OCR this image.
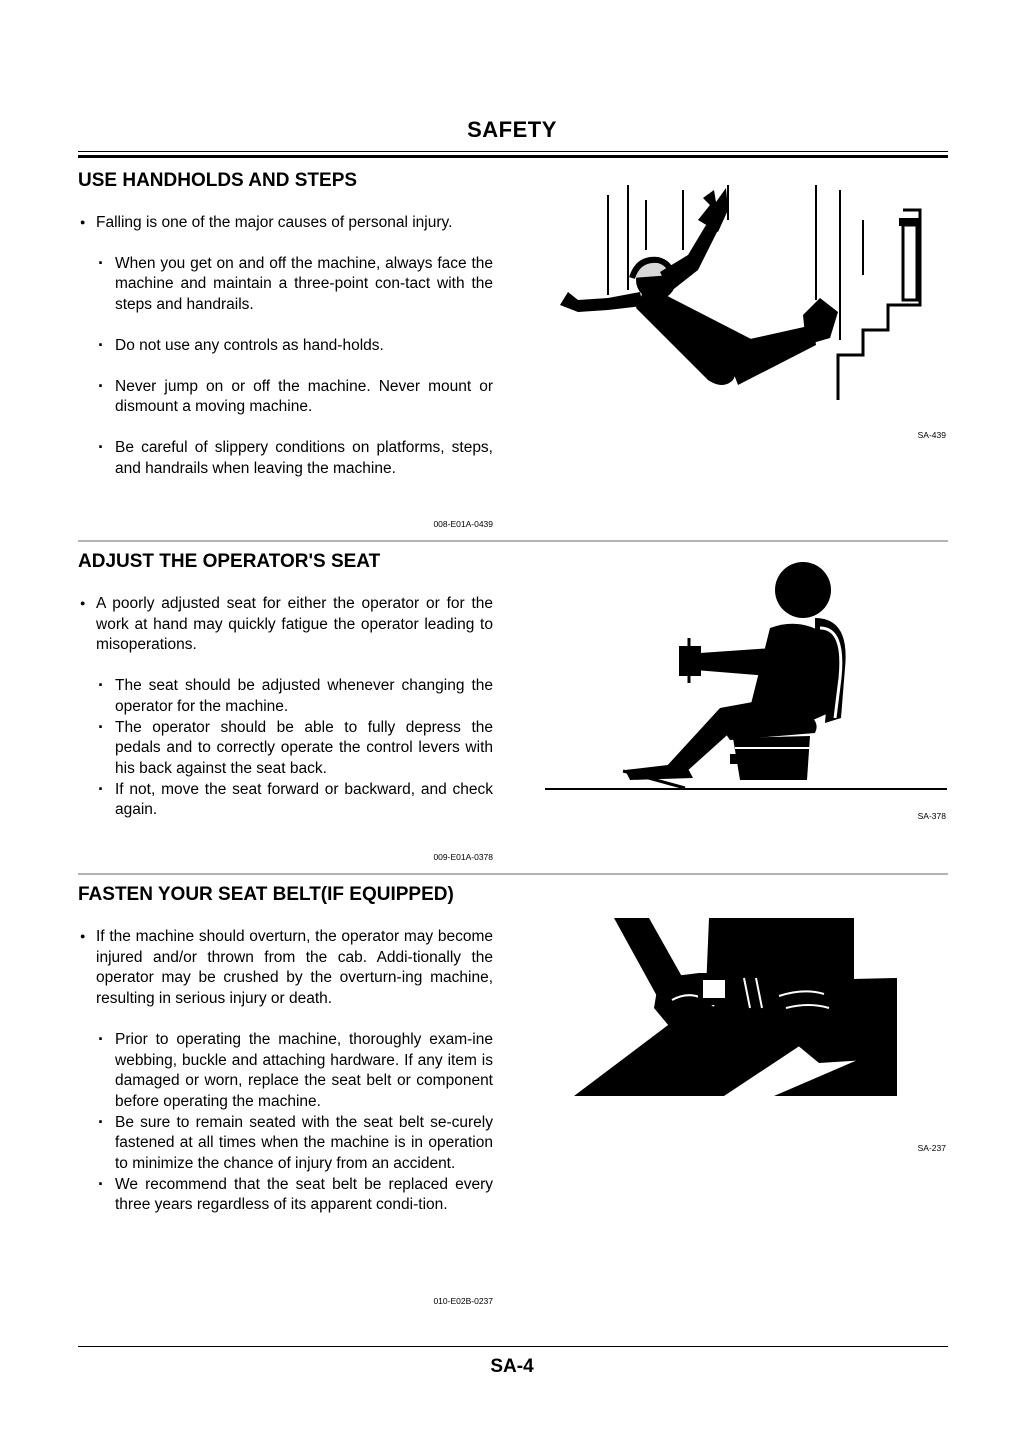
SAFETY
USE HANDHOLDS AND STEPS
● Falling is one of the major causes of personal injury.
· When you get on and off the machine, always face the machine and maintain a three-point con-tact with the steps and handrails.
· Do not use any controls as hand-holds.
· Never jump on or off the machine. Never mount or dismount a moving machine.
· Be careful of slippery conditions on platforms, steps, and handrails when leaving the machine.
008-E01A-0439
SA-439
ADJUST THE OPERATOR'S SEAT
● A poorly adjusted seat for either the operator or for the work at hand may quickly fatigue the operator leading to misoperations.
· The seat should be adjusted whenever changing the operator for the machine.
· The operator should be able to fully depress the pedals and to correctly operate the control levers with his back against the seat back.
· If not, move the seat forward or backward, and check again.
009-E01A-0378
SA-378
FASTEN YOUR SEAT BELT(IF EQUIPPED)
● If the machine should overturn, the operator may become injured and/or thrown from the cab. Addi-tionally the operator may be crushed by the overturn-ing machine, resulting in serious injury or death.
· Prior to operating the machine, thoroughly exam-ine webbing, buckle and attaching hardware. If any item is damaged or worn, replace the seat belt or component before operating the machine.
· Be sure to remain seated with the seat belt se-curely fastened at all times when the machine is in operation to minimize the chance of injury from an accident.
· We recommend that the seat belt be replaced every three years regardless of its apparent condi-tion.
010-E02B-0237
SA-237
SA-4
